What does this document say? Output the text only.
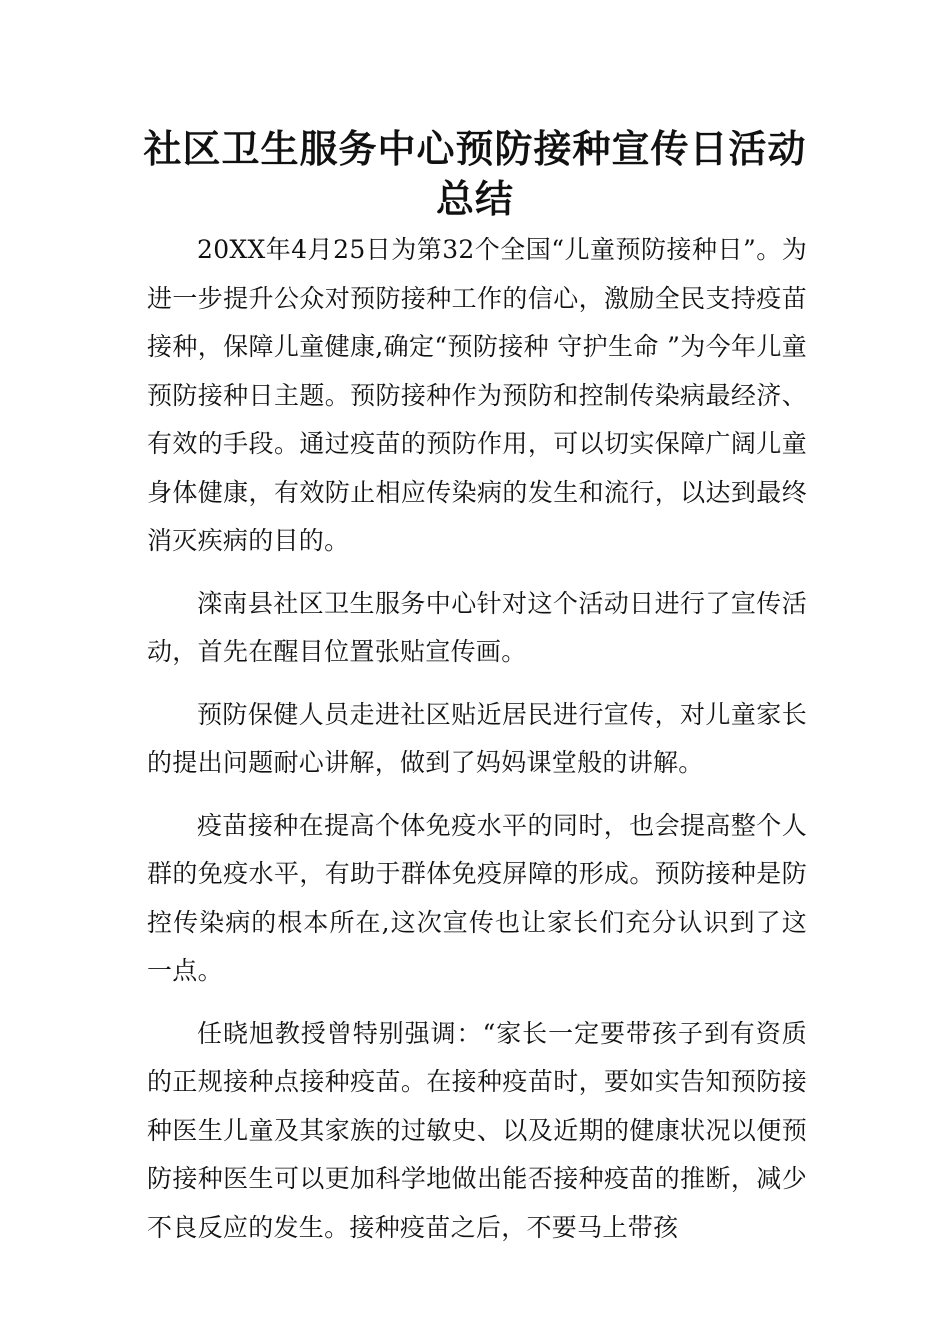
社区卫生服务中心预防接种宣传日活动总结

20XX年4月25日为第32个全国“儿童预防接种日”。为进一步提升公众对预防接种工作的信心，激励全民支持疫苗接种，保障儿童健康,确定“预防接种 守护生命 ”为今年儿童预防接种日主题。预防接种作为预防和控制传染病最经济、有效的手段。通过疫苗的预防作用，可以切实保障广阔儿童身体健康，有效防止相应传染病的发生和流行，以达到最终消灭疾病的目的。

滦南县社区卫生服务中心针对这个活动日进行了宣传活动，首先在醒目位置张贴宣传画。

预防保健人员走进社区贴近居民进行宣传，对儿童家长的提出问题耐心讲解，做到了妈妈课堂般的讲解。

疫苗接种在提高个体免疫水平的同时，也会提高整个人群的免疫水平，有助于群体免疫屏障的形成。预防接种是防控传染病的根本所在,这次宣传也让家长们充分认识到了这一点。

任晓旭教授曾特别强调：“家长一定要带孩子到有资质的正规接种点接种疫苗。在接种疫苗时，要如实告知预防接种医生儿童及其家族的过敏史、以及近期的健康状况以便预防接种医生可以更加科学地做出能否接种疫苗的推断，减少不良反应的发生。接种疫苗之后，不要马上带孩
